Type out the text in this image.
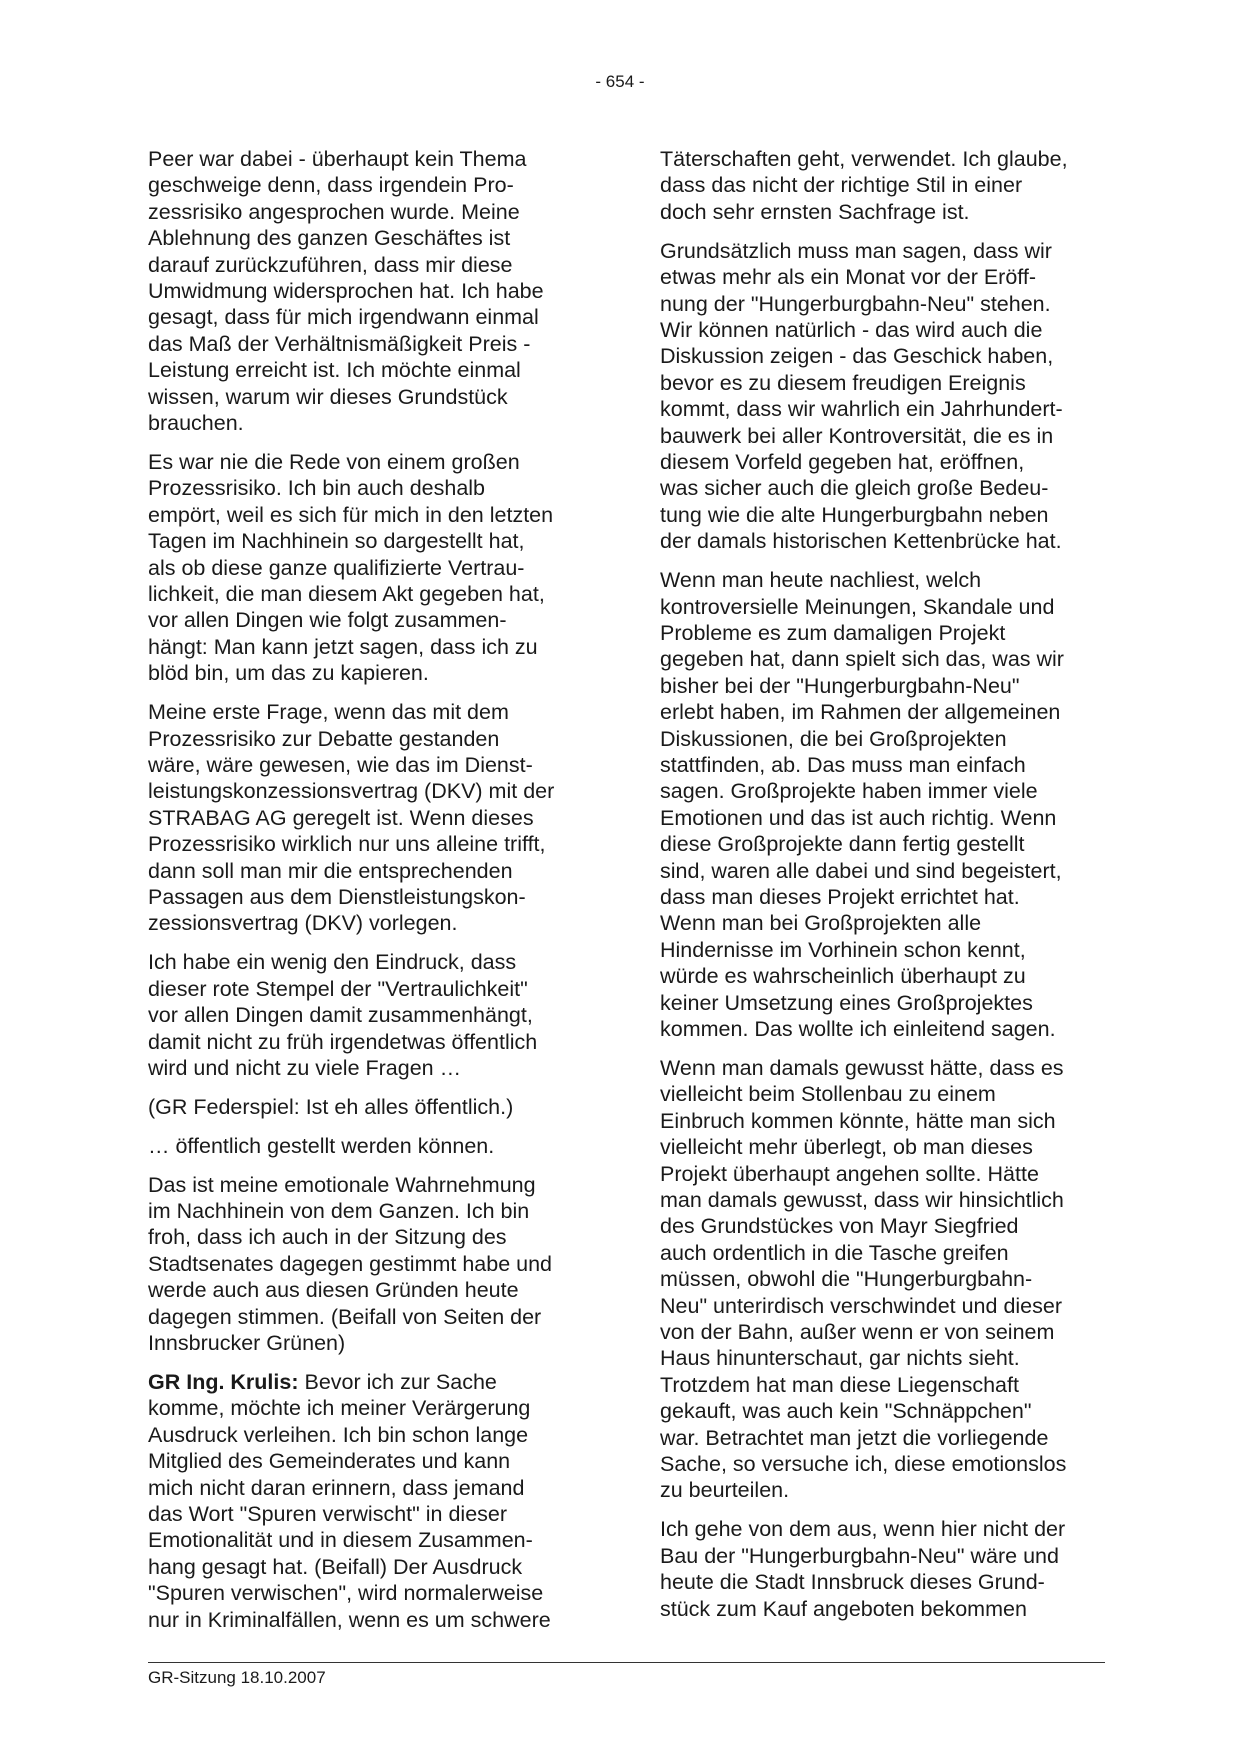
- 654 -

Peer war dabei - überhaupt kein Thema
geschweige denn, dass irgendein Pro-
zessrisiko angesprochen wurde. Meine
Ablehnung des ganzen Geschäftes ist
darauf zurückzuführen, dass mir diese
Umwidmung widersprochen hat. Ich habe
gesagt, dass für mich irgendwann einmal
das Maß der Verhältnismäßigkeit Preis -
Leistung erreicht ist. Ich möchte einmal
wissen, warum wir dieses Grundstück
brauchen.

Es war nie die Rede von einem großen
Prozessrisiko. Ich bin auch deshalb
empört, weil es sich für mich in den letzten
Tagen im Nachhinein so dargestellt hat,
als ob diese ganze qualifizierte Vertrau-
lichkeit, die man diesem Akt gegeben hat,
vor allen Dingen wie folgt zusammen-
hängt: Man kann jetzt sagen, dass ich zu
blöd bin, um das zu kapieren.

Meine erste Frage, wenn das mit dem
Prozessrisiko zur Debatte gestanden
wäre, wäre gewesen, wie das im Dienst-
leistungskonzessionsvertrag (DKV) mit der
STRABAG AG geregelt ist. Wenn dieses
Prozessrisiko wirklich nur uns alleine trifft,
dann soll man mir die entsprechenden
Passagen aus dem Dienstleistungskon-
zessionsvertrag (DKV) vorlegen.

Ich habe ein wenig den Eindruck, dass
dieser rote Stempel der "Vertraulichkeit"
vor allen Dingen damit zusammenhängt,
damit nicht zu früh irgendetwas öffentlich
wird und nicht zu viele Fragen …

(GR Federspiel: Ist eh alles öffentlich.)

… öffentlich gestellt werden können.

Das ist meine emotionale Wahrnehmung
im Nachhinein von dem Ganzen. Ich bin
froh, dass ich auch in der Sitzung des
Stadtsenates dagegen gestimmt habe und
werde auch aus diesen Gründen heute
dagegen stimmen. (Beifall von Seiten der
Innsbrucker Grünen)

GR Ing. Krulis: Bevor ich zur Sache
komme, möchte ich meiner Verärgerung
Ausdruck verleihen. Ich bin schon lange
Mitglied des Gemeinderates und kann
mich nicht daran erinnern, dass jemand
das Wort "Spuren verwischt" in dieser
Emotionalität und in diesem Zusammen-
hang gesagt hat. (Beifall) Der Ausdruck
"Spuren verwischen", wird normalerweise
nur in Kriminalfällen, wenn es um schwere

Täterschaften geht, verwendet. Ich glaube,
dass das nicht der richtige Stil in einer
doch sehr ernsten Sachfrage ist.

Grundsätzlich muss man sagen, dass wir
etwas mehr als ein Monat vor der Eröff-
nung der "Hungerburgbahn-Neu" stehen.
Wir können natürlich - das wird auch die
Diskussion zeigen - das Geschick haben,
bevor es zu diesem freudigen Ereignis
kommt, dass wir wahrlich ein Jahrhundert-
bauwerk bei aller Kontroversität, die es in
diesem Vorfeld gegeben hat, eröffnen,
was sicher auch die gleich große Bedeu-
tung wie die alte Hungerburgbahn neben
der damals historischen Kettenbrücke hat.

Wenn man heute nachliest, welch
kontroversielle Meinungen, Skandale und
Probleme es zum damaligen Projekt
gegeben hat, dann spielt sich das, was wir
bisher bei der "Hungerburgbahn-Neu"
erlebt haben, im Rahmen der allgemeinen
Diskussionen, die bei Großprojekten
stattfinden, ab. Das muss man einfach
sagen. Großprojekte haben immer viele
Emotionen und das ist auch richtig. Wenn
diese Großprojekte dann fertig gestellt
sind, waren alle dabei und sind begeistert,
dass man dieses Projekt errichtet hat.
Wenn man bei Großprojekten alle
Hindernisse im Vorhinein schon kennt,
würde es wahrscheinlich überhaupt zu
keiner Umsetzung eines Großprojektes
kommen. Das wollte ich einleitend sagen.

Wenn man damals gewusst hätte, dass es
vielleicht beim Stollenbau zu einem
Einbruch kommen könnte, hätte man sich
vielleicht mehr überlegt, ob man dieses
Projekt überhaupt angehen sollte. Hätte
man damals gewusst, dass wir hinsichtlich
des Grundstückes von Mayr Siegfried
auch ordentlich in die Tasche greifen
müssen, obwohl die "Hungerburgbahn-
Neu" unterirdisch verschwindet und dieser
von der Bahn, außer wenn er von seinem
Haus hinunterschaut, gar nichts sieht.
Trotzdem hat man diese Liegenschaft
gekauft, was auch kein "Schnäppchen"
war. Betrachtet man jetzt die vorliegende
Sache, so versuche ich, diese emotionslos
zu beurteilen.

Ich gehe von dem aus, wenn hier nicht der
Bau der "Hungerburgbahn-Neu" wäre und
heute die Stadt Innsbruck dieses Grund-
stück zum Kauf angeboten bekommen

GR-Sitzung 18.10.2007
